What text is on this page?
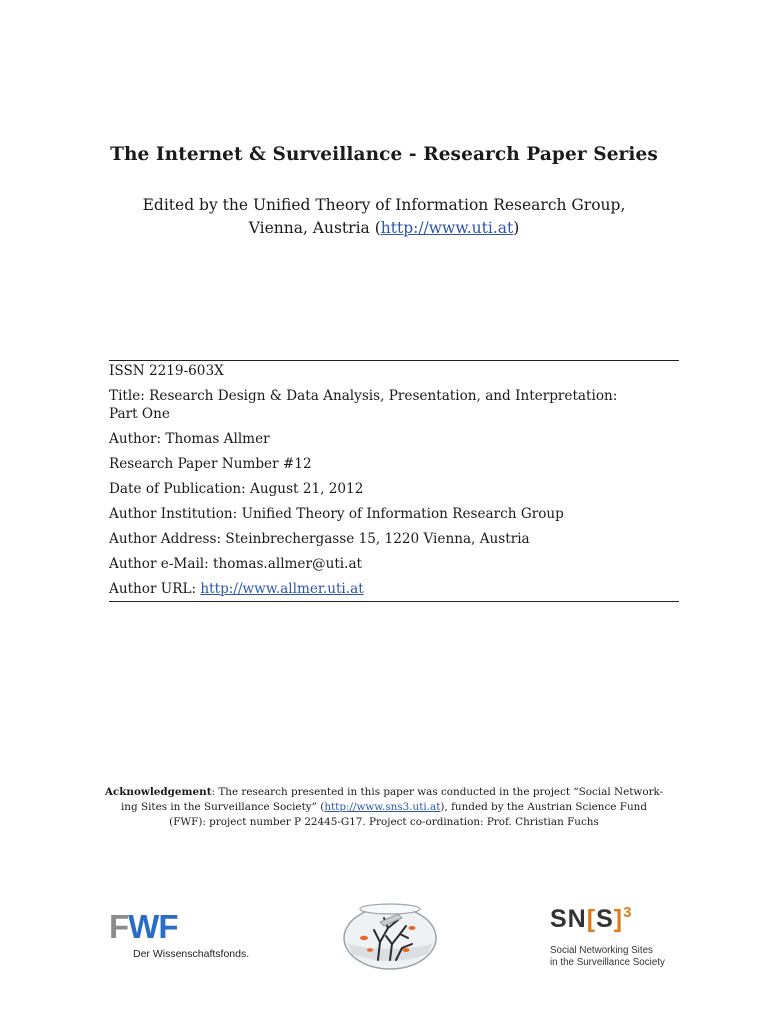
The Internet & Surveillance - Research Paper Series
Edited by the Unified Theory of Information Research Group,
Vienna, Austria (http://www.uti.at)
ISSN 2219-603X
Title: Research Design & Data Analysis, Presentation, and Interpretation:
Part One
Author: Thomas Allmer
Research Paper Number #12
Date of Publication: August 21, 2012
Author Institution: Unified Theory of Information Research Group
Author Address: Steinbrechergasse 15, 1220 Vienna, Austria
Author e-Mail: thomas.allmer@uti.at
Author URL: http://www.allmer.uti.at
Acknowledgement: The research presented in this paper was conducted in the project “Social Network-
ing Sites in the Surveillance Society” (http://www.sns3.uti.at), funded by the Austrian Science Fund
(FWF): project number P 22445-G17. Project co-ordination: Prof. Christian Fuchs
FWF
Der Wissenschaftsfonds.
$SN[S]^3$
Social Networking Sites
in the Surveillance Society
